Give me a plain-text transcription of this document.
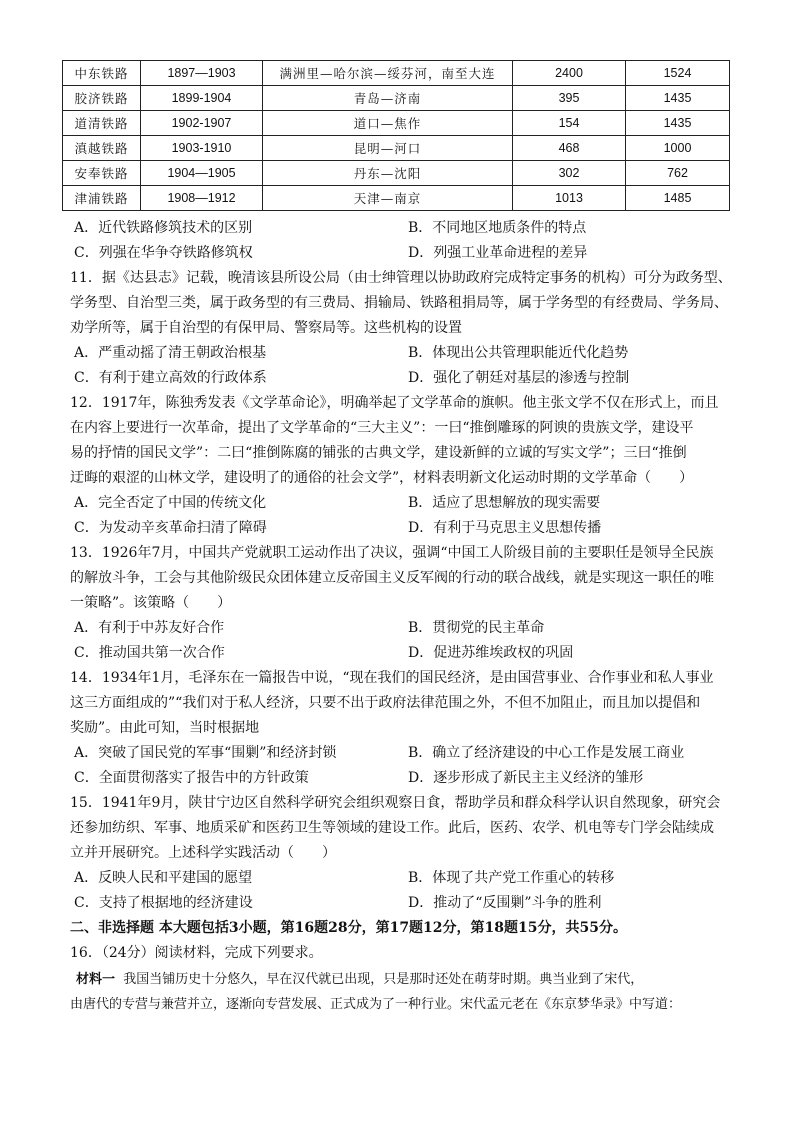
中东铁路	1897—1903	满洲里—哈尔滨—绥芬河，南至大连	2400	1524
胶济铁路	1899-1904	青岛—济南	395	1435
道清铁路	1902-1907	道口—焦作	154	1435
滇越铁路	1903-1910	昆明—河口	468	1000
安奉铁路	1904—1905	丹东—沈阳	302	762
津浦铁路	1908—1912	天津—南京	1013	1485
A．近代铁路修筑技术的区别	B．不同地区地质条件的特点
C．列强在华争夺铁路修筑权	D．列强工业革命进程的差异
11．据《达县志》记载，晚清该县所设公局（由士绅管理以协助政府完成特定事务的机构）可分为政务型、
学务型、自治型三类，属于政务型的有三费局、捐输局、铁路租捐局等，属于学务型的有经费局、学务局、
劝学所等，属于自治型的有保甲局、警察局等。这些机构的设置
A．严重动摇了清王朝政治根基	B．体现出公共管理职能近代化趋势
C．有利于建立高效的行政体系	D．强化了朝廷对基层的渗透与控制
12．1917年，陈独秀发表《文学革命论》，明确举起了文学革命的旗帜。他主张文学不仅在形式上，而且
在内容上要进行一次革命，提出了文学革命的“三大主义”：一曰“推倒雕琢的阿谀的贵族文学，建设平
易的抒情的国民文学”：二曰“推倒陈腐的铺张的古典文学，建设新鲜的立诚的写实文学”；三曰“推倒
迂晦的艰涩的山林文学，建设明了的通俗的社会文学”，材料表明新文化运动时期的文学革命（　　）
A．完全否定了中国的传统文化	B．适应了思想解放的现实需要
C．为发动辛亥革命扫清了障碍	D．有利于马克思主义思想传播
13．1926年7月，中国共产党就职工运动作出了决议，强调“中国工人阶级目前的主要职任是领导全民族
的解放斗争，工会与其他阶级民众团体建立反帝国主义反军阀的行动的联合战线，就是实现这一职任的唯
一策略”。该策略（　　）
A．有利于中苏友好合作	B．贯彻党的民主革命
C．推动国共第一次合作	D．促进苏维埃政权的巩固
14．1934年1月，毛泽东在一篇报告中说，“现在我们的国民经济，是由国营事业、合作事业和私人事业
这三方面组成的”“我们对于私人经济，只要不出于政府法律范围之外，不但不加阻止，而且加以提倡和
奖励”。由此可知，当时根据地
A．突破了国民党的军事“围剿”和经济封锁	B．确立了经济建设的中心工作是发展工商业
C．全面贯彻落实了报告中的方针政策	D．逐步形成了新民主主义经济的雏形
15．1941年9月，陕甘宁边区自然科学研究会组织观察日食，帮助学员和群众科学认识自然现象，研究会
还参加纺织、军事、地质采矿和医药卫生等领域的建设工作。此后，医药、农学、机电等专门学会陆续成
立并开展研究。上述科学实践活动（　　）
A．反映人民和平建国的愿望	B．体现了共产党工作重心的转移
C．支持了根据地的经济建设	D．推动了“反围剿”斗争的胜利
二、非选择题 本大题包括3小题，第16题28分，第17题12分，第18题15分，共55分。
16．（24分）阅读材料，完成下列要求。
材料一 我国当铺历史十分悠久，早在汉代就已出现，只是那时还处在萌芽时期。典当业到了宋代，
由唐代的专营与兼营并立，逐渐向专营发展、正式成为了一种行业。宋代孟元老在《东京梦华录》中写道：
